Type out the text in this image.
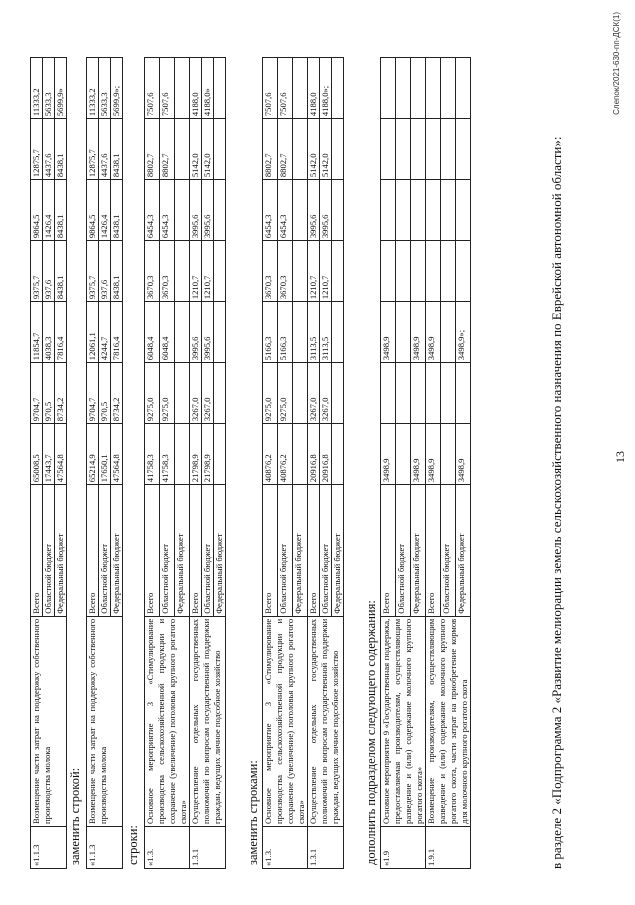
13
Слепок/2021-630-пп-ДСК(1)
«1.1.3	Возмещение части затрат на поддержку собственного производства молока	Всего	65008,5	9704,7	11854,7	9375,7	9864,5	12875,7	11333,2
		Областной бюджет	17443,7	970,5	4038,3	937,6	1426,4	4437,6	5633,3
		Федеральный бюджет	47564,8	8734,2	7816,4	8438,1	8438,1	8438,1	5699,9»
заменить строкой: «1.1.3	Возмещение части затрат на поддержку собственного производства молока	Всего	65214,9	9704,7	12061,1	9375,7	9864,5	12875,7	11333,2
		Областной бюджет	17650,1	970,5	4244,7	937,6	1426,4	4437,6	5633,3
		Федеральный бюджет	47564,8	8734,2	7816,4	8438,1	8438,1	8438,1	5699,9»;
строки: «1.3.	Основное мероприятие 3 «Стимулирование производства сельскохозяйственной продукции и сохранение (увеличение) поголовья крупного рогатого скота»	Всего	41758,3	9275,0	6048,4	3670,3	6454,3	8802,7	7507,6
		Областной бюджет	41758,3	9275,0	6048,4	3670,3	6454,3	8802,7	7507,6
		Федеральный бюджет							
1.3.1	Осуществление отдельных государственных полномочий по вопросам государственной поддержки граждан, ведущих личное подсобное хозяйство	Всего	21798,9	3267,0	3995,6	1210,7	3995,6	5142,0	4188,0
		Областной бюджет	21798,9	3267,0	3995,6	1210,7	3995,6	5142,0	4188,0»
		Федеральный бюджет							
заменить строками: «1.3.	Основное мероприятие 3 «Стимулирование производства сельскохозяйственной продукции и сохранение (увеличение) поголовья крупного рогатого скота»	Всего	40876,2	9275,0	5166,3	3670,3	6454,3	8802,7	7507,6
		Областной бюджет	40876,2	9275,0	5166,3	3670,3	6454,3	8802,7	7507,6
		Федеральный бюджет							
1.3.1	Осуществление отдельных государственных полномочий по вопросам государственной поддержки граждан, ведущих личное подсобное хозяйство	Всего	20916,8	3267,0	3113,5	1210,7	3995,6	5142,0	4188,0
		Областной бюджет	20916,8	3267,0	3113,5	1210,7	3995,6	5142,0	4188,0»;
		Федеральный бюджет							
дополнить подразделом следующего содержания: «1.9	Основное мероприятие 9 «Государственная поддержка, предоставляемая производителям, осуществляющим разведение и (или) содержание молочного крупного рогатого скота»	Всего	3498,9		3498,9				
		Областной бюджет							
		Федеральный бюджет	3498,9		3498,9				
1.9.1	Возмещение производителям, осуществляющим разведение и (или) содержание молочного крупного рогатого скота, части затрат на приобретение кормов для молочного крупного рогатого скота	Всего	3498,9		3498,9				
		Областной бюджет							
		Федеральный бюджет	3498,9		3498,9»;					в разделе 2 «Подпрограмма 2 «Развитие мелиорации земель сельскохозяйственного назначения по Еврейской автономной области»:
